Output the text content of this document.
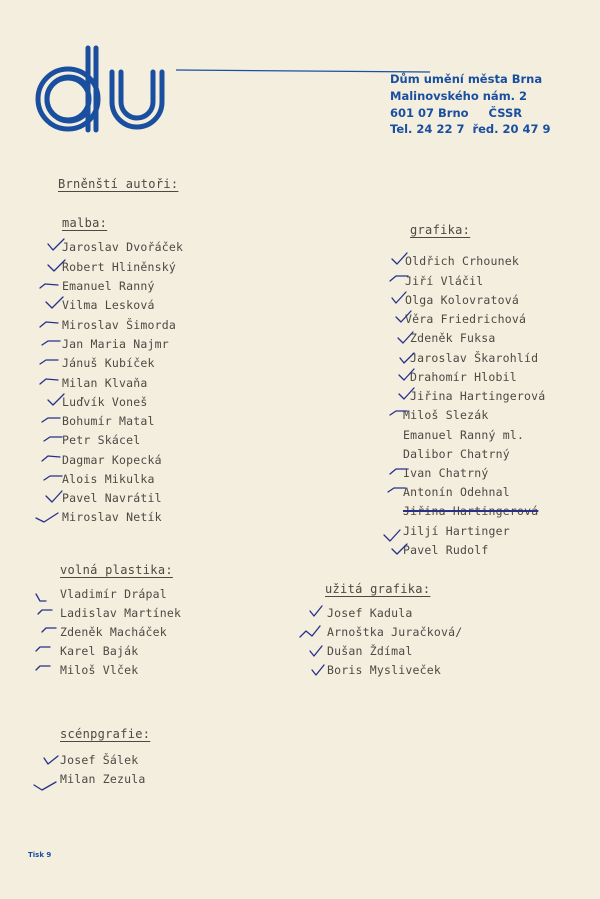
Dům umění města Brna
Malinovského nám. 2
601 07 Brno     ČSSR
Tel. 24 22 7  řed. 20 47 9
Brněnští autoři:
malba:
Jaroslav Dvořáček
Robert Hliněnský
Emanuel Ranný
Vilma Lesková
Miroslav Šimorda
Jan Maria Najmr
Jánuš Kubíček
Milan Klvaňa
Luďvík Voneš
Bohumír Matal
Petr Skácel
Dagmar Kopecká
Alois Mikulka
Pavel Navrátil
Miroslav Netík
grafika:
Oldřich Crhounek
Jiří Vláčil
Olga Kolovratová
Věra Friedrichová
Zdeněk Fuksa
Jaroslav Škarohlíd
Drahomír Hlobil
Jiřina Hartingerová
Miloš Slezák
Emanuel Ranný ml.
Dalibor Chatrný
Ivan Chatrný
Antonín Odehnal
Jiřina Hartingerová
Jiljí Hartinger
Pavel Rudolf
volná plastika:
Vladimír Drápal
Ladislav Martínek
Zdeněk Macháček
Karel Baják
Miloš Vlček
užitá grafika:
Josef Kadula
Arnoštka Juračková/
Dušan Ždímal
Boris Mysliveček
scénpgrafie:
Josef Šálek
Milan Zezula
Tisk 9
